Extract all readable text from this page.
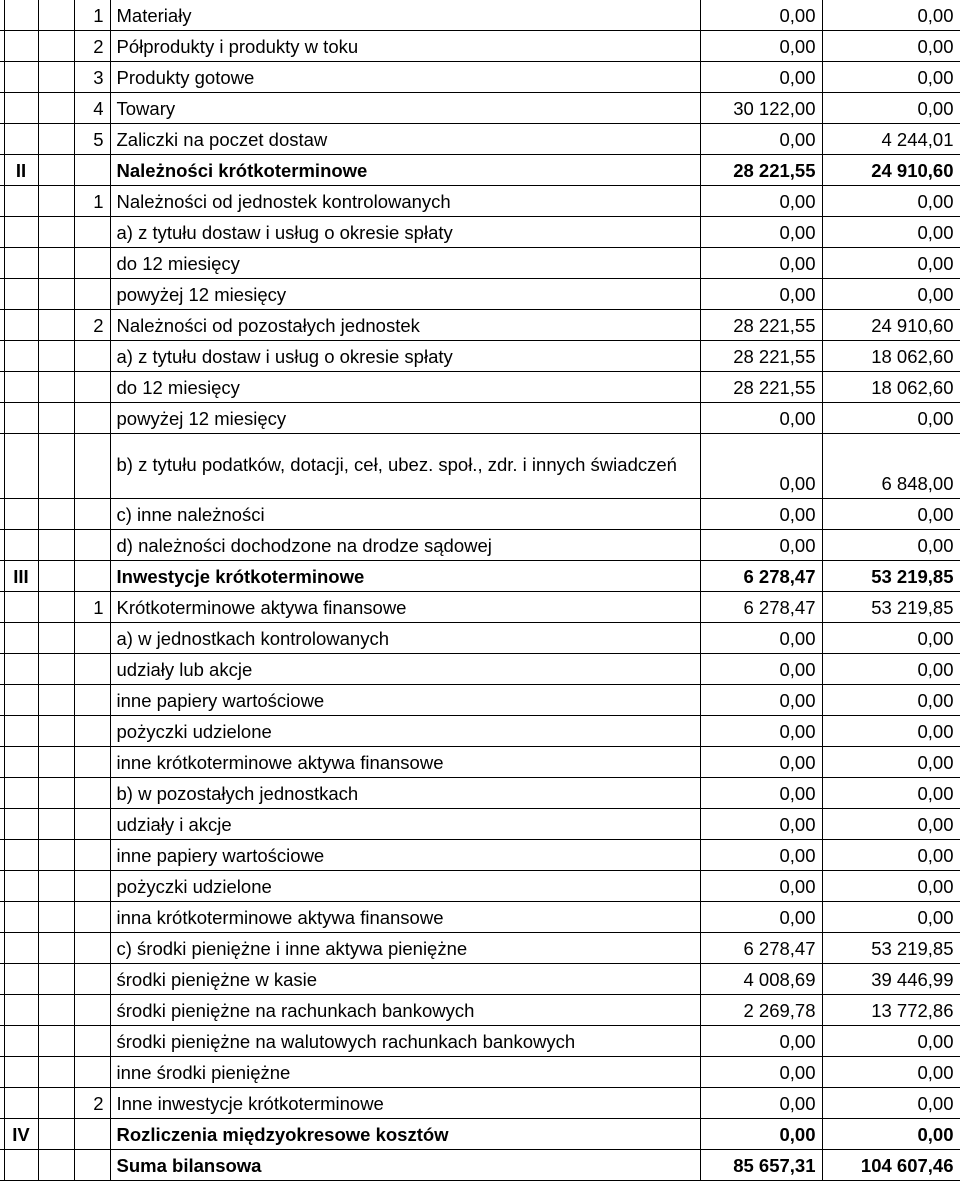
			1	Materiały	0,00	0,00
			2	Półprodukty i produkty w toku	0,00	0,00
			3	Produkty gotowe	0,00	0,00
			4	Towary	30 122,00	0,00
			5	Zaliczki na poczet dostaw	0,00	4 244,01
	II			Należności krótkoterminowe	28 221,55	24 910,60
			1	Należności od jednostek kontrolowanych	0,00	0,00
				a) z tytułu dostaw i usług o okresie spłaty	0,00	0,00
				do 12 miesięcy	0,00	0,00
				powyżej 12 miesięcy	0,00	0,00
			2	Należności od pozostałych jednostek	28 221,55	24 910,60
				a) z tytułu dostaw i usług o okresie spłaty	28 221,55	18 062,60
				do 12 miesięcy	28 221,55	18 062,60
				powyżej 12 miesięcy	0,00	0,00
				b) z tytułu podatków, dotacji, ceł, ubez. społ., zdr. i innych świadczeń	0,00	6 848,00
				c) inne należności	0,00	0,00
				d) należności dochodzone na drodze sądowej	0,00	0,00
	III			Inwestycje krótkoterminowe	6 278,47	53 219,85
			1	Krótkoterminowe aktywa finansowe	6 278,47	53 219,85
				a) w jednostkach kontrolowanych	0,00	0,00
				udziały lub akcje	0,00	0,00
				inne papiery wartościowe	0,00	0,00
				pożyczki udzielone	0,00	0,00
				inne krótkoterminowe aktywa finansowe	0,00	0,00
				b) w pozostałych jednostkach	0,00	0,00
				udziały i akcje	0,00	0,00
				inne papiery wartościowe	0,00	0,00
				pożyczki udzielone	0,00	0,00
				inna krótkoterminowe aktywa finansowe	0,00	0,00
				c) środki pieniężne i inne aktywa pieniężne	6 278,47	53 219,85
				środki pieniężne w kasie	4 008,69	39 446,99
				środki pieniężne na rachunkach bankowych	2 269,78	13 772,86
				środki pieniężne na walutowych rachunkach bankowych	0,00	0,00
				inne środki pieniężne	0,00	0,00
			2	Inne inwestycje krótkoterminowe	0,00	0,00
	IV			Rozliczenia międzyokresowe kosztów	0,00	0,00
				Suma bilansowa	85 657,31	104 607,46
